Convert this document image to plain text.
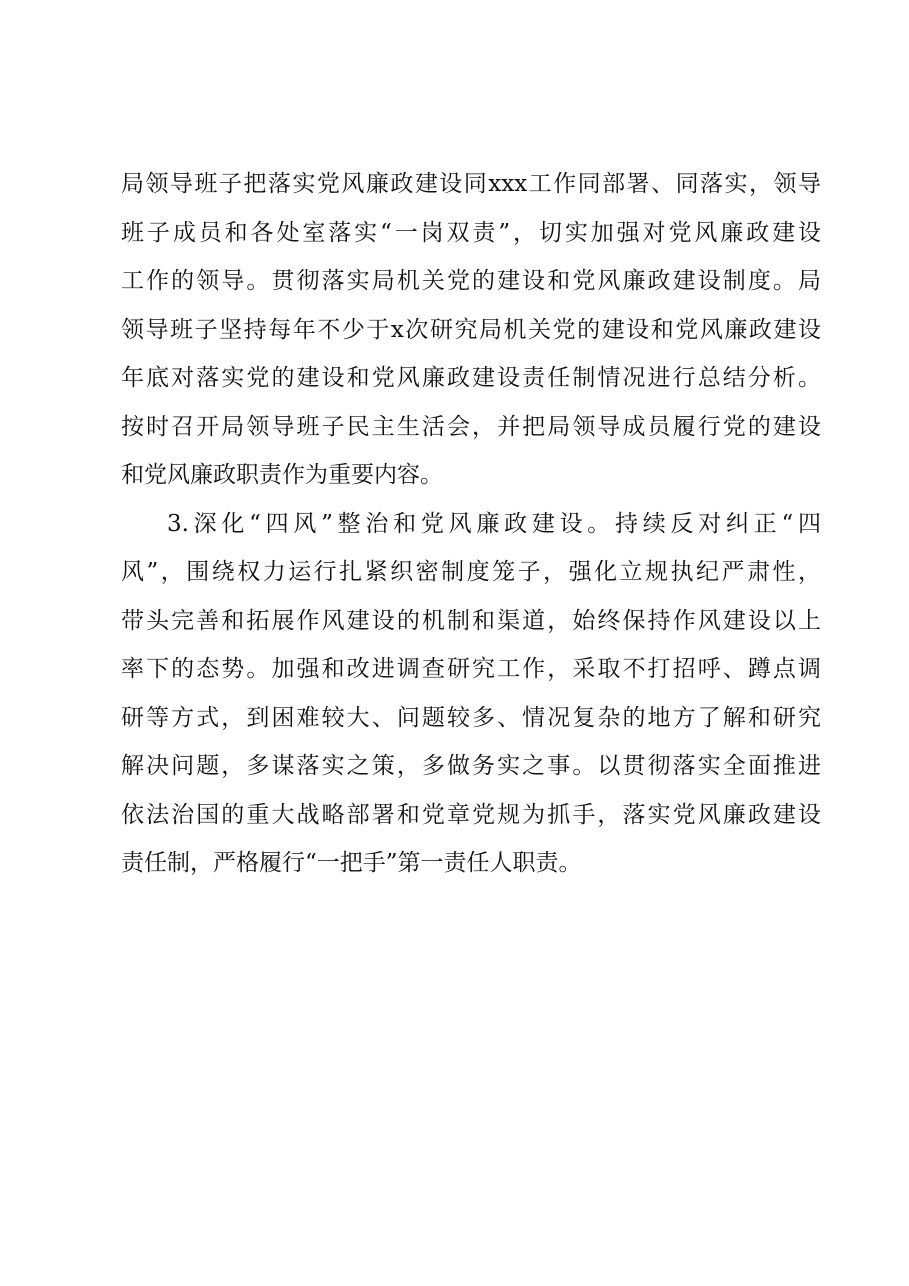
局领导班子把落实党风廉政建设同xxx工作同部署、同落实，领导
班子成员和各处室落实“一岗双责”，切实加强对党风廉政建设
工作的领导。贯彻落实局机关党的建设和党风廉政建设制度。局
领导班子坚持每年不少于x次研究局机关党的建设和党风廉政建设
年底对落实党的建设和党风廉政建设责任制情况进行总结分析。
按时召开局领导班子民主生活会，并把局领导成员履行党的建设
和党风廉政职责作为重要内容。
3.深化“四风”整治和党风廉政建设。持续反对纠正“四
风”，围绕权力运行扎紧织密制度笼子，强化立规执纪严肃性，
带头完善和拓展作风建设的机制和渠道，始终保持作风建设以上
率下的态势。加强和改进调查研究工作，采取不打招呼、蹲点调
研等方式，到困难较大、问题较多、情况复杂的地方了解和研究
解决问题，多谋落实之策，多做务实之事。以贯彻落实全面推进
依法治国的重大战略部署和党章党规为抓手，落实党风廉政建设
责任制，严格履行“一把手”第一责任人职责。
